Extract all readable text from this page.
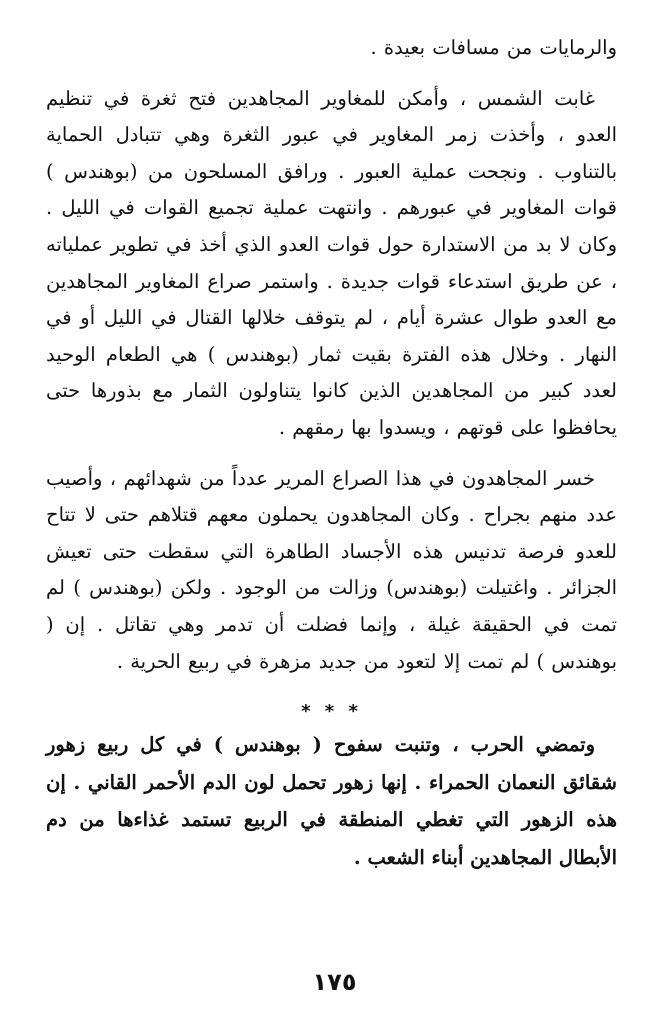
والرمايات من مسافات بعيدة .

غابت الشمس ، وأمكن للمغاوير المجاهدين فتح ثغرة في تنظيم العدو ، وأخذت زمر المغاوير في عبور الثغرة وهي تتبادل الحماية بالتناوب . ونجحت عملية العبور . ورافق المسلحون من (بوهندس ) قوات المغاوير في عبورهم . وانتهت عملية تجميع القوات في الليل . وكان لا بد من الاستدارة حول قوات العدو الذي أخذ في تطوير عملياته ، عن طريق استدعاء قوات جديدة . واستمر صراع المغاوير المجاهدين مع العدو طوال عشرة أيام ، لم يتوقف خلالها القتال في الليل أو في النهار . وخلال هذه الفترة بقيت ثمار (بوهندس ) هي الطعام الوحيد لعدد كبير من المجاهدين الذين كانوا يتناولون الثمار مع بذورها حتى يحافظوا على قوتهم ، ويسدوا بها رمقهم .

خسر المجاهدون في هذا الصراع المرير عدداً من شهدائهم ، وأصيب عدد منهم بجراح . وكان المجاهدون يحملون معهم قتلاهم حتى لا تتاح للعدو فرصة تدنيس هذه الأجساد الطاهرة التي سقطت حتى تعيش الجزائر . واغتيلت (بوهندس) وزالت من الوجود . ولكن (بوهندس ) لم تمت في الحقيقة غيلة ، وإنما فضلت أن تدمر وهي تقاتل . إن ( بوهندس ) لم تمت إلا لتعود من جديد مزهرة في ربيع الحرية .

* * *

وتمضي الحرب ، وتنبت سفوح ( بوهندس ) في كل ربيع زهور شقائق النعمان الحمراء . إنها زهور تحمل لون الدم الأحمر القاني . إن هذه الزهور التي تغطي المنطقة في الربيع تستمد غذاءها من دم الأبطال المجاهدين أبناء الشعب .

١٧٥
